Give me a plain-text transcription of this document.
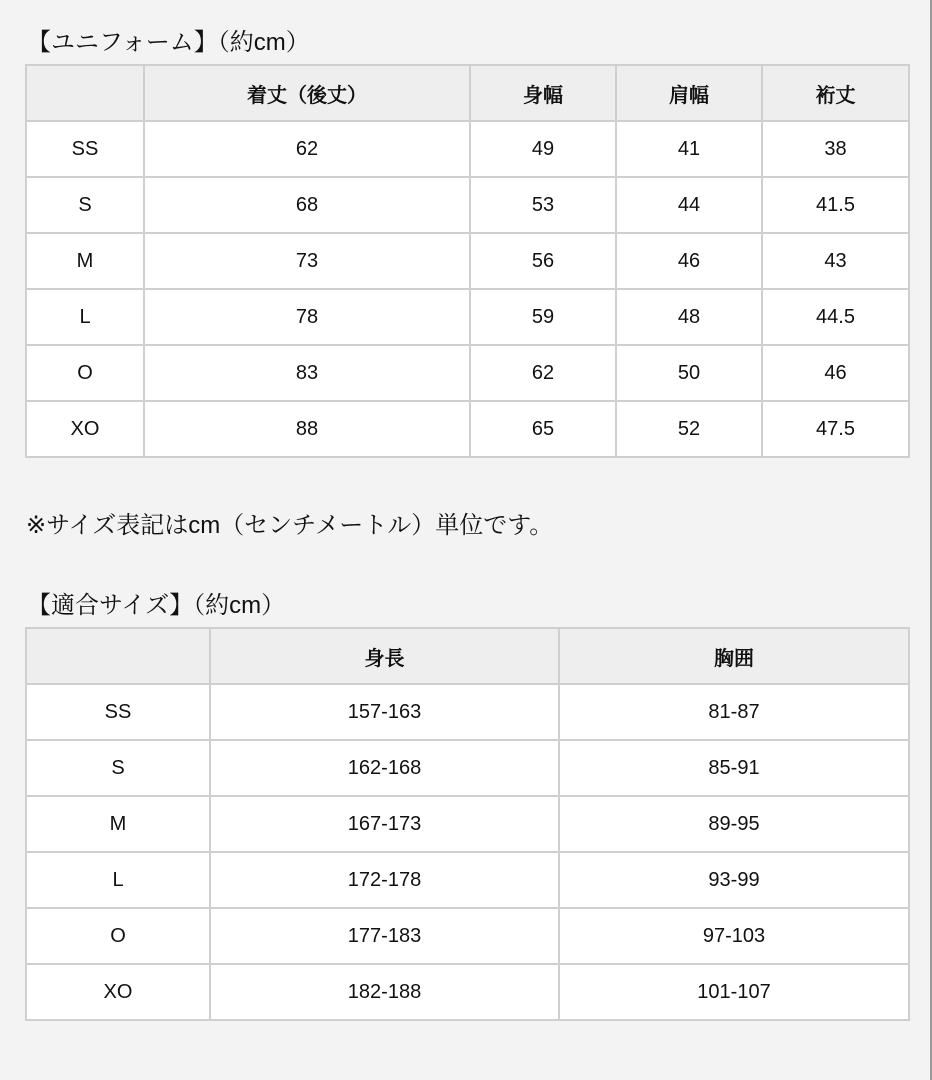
【ユニフォーム】（約cm）
	着丈（後丈）	身幅	肩幅	裄丈
SS	62	49	41	38
S	68	53	44	41.5
M	73	56	46	43
L	78	59	48	44.5
O	83	62	50	46
XO	88	65	52	47.5
※サイズ表記はcm（センチメートル）単位です。
【適合サイズ】（約cm）
	身長	胸囲
SS	157-163	81-87
S	162-168	85-91
M	167-173	89-95
L	172-178	93-99
O	177-183	97-103
XO	182-188	101-107
